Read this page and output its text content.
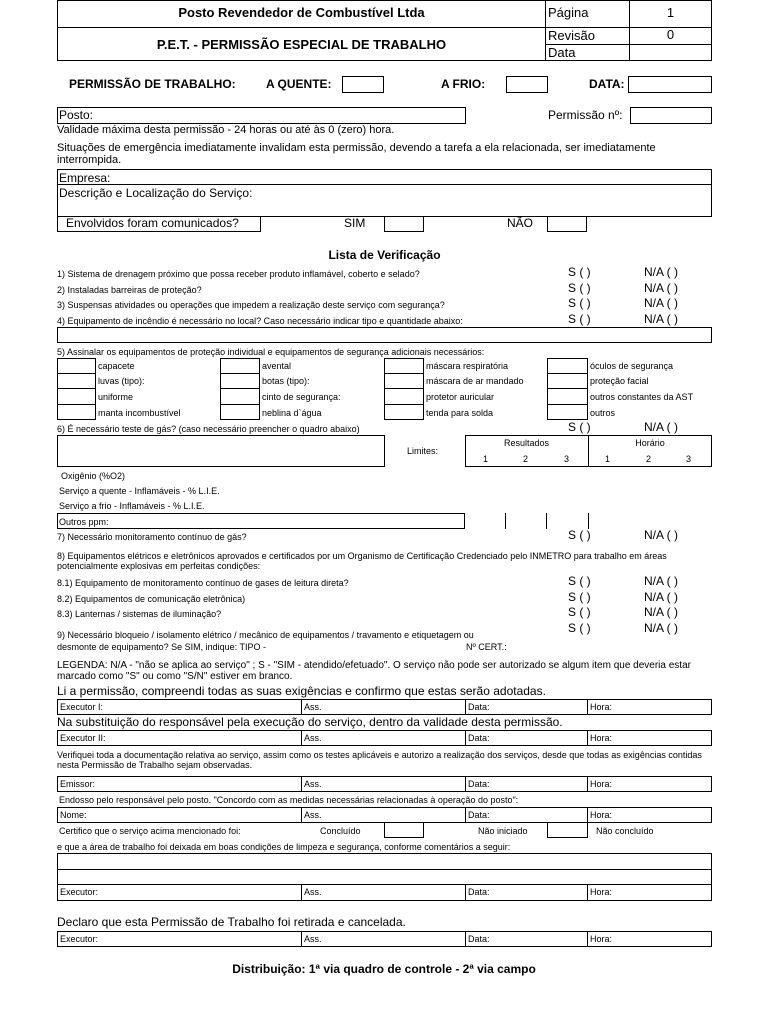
Posto Revendedor de Combustível Ltda
P.E.T. - PERMISSÃO ESPECIAL DE TRABALHO
Página	1
Revisão	0
Data
PERMISSÃO DE TRABALHO:	A QUENTE:	A FRIO:	DATA:
Posto:	Permissão nº:
Validade máxima desta permissão - 24 horas ou até às 0 (zero) hora.
Situações de emergência imediatamente invalidam esta permissão, devendo a tarefa a ela relacionada, ser imediatamente interrompida.
Empresa:
Descrição e Localização do Serviço:
Envolvidos foram comunicados?	SIM	NÃO
Lista de Verificação
1) Sistema de drenagem próximo que possa receber produto inflamável, coberto e selado?	S ( )	N/A ( )
2) Instaladas barreiras de proteção?	S ( )	N/A ( )
3) Suspensas atividades ou operações que impedem a realização deste serviço com segurança?	S ( )	N/A ( )
4) Equipamento de incêndio é necessário no local? Caso necessário indicar tipo e quantidade abaixo:	S ( )	N/A ( )
5) Assinalar os equipamentos de proteção individual e equipamentos de segurança adicionais necessários:
capacete	avental	máscara respiratória	óculos de segurança
luvas (tipo):	botas (tipo):	máscara de ar mandado	proteção facial
uniforme	cinto de segurança:	protetor auricular	outros constantes da AST
manta incombustível	neblina d`água	tenda para solda	outros
6) É necessário teste de gás? (caso necessário preencher o quadro abaixo)	S ( )	N/A ( )
Limites:
Resultados	Horário
1	2	3	1	2	3
Oxigênio (%O2)
Serviço a quente - Inflamáveis - % L.I.E.
Serviço a frio - Inflamáveis - % L.I.E.
Outros ppm:
7) Necessário monitoramento contínuo de gás?	S ( )	N/A ( )
8) Equipamentos elétricos e eletrônicos aprovados e certificados por um Organismo de Certificação Credenciado pelo INMETRO para trabalho em áreas potencialmente explosivas em perfeitas condições:
8.1) Equipamento de monitoramento contínuo de gases de leitura direta?	S ( )	N/A ( )
8.2) Equipamentos de comunicação eletrônica)	S ( )	N/A ( )
8.3) Lanternas / sistemas de iluminação?	S ( )	N/A ( )
9) Necessário bloqueio / isolamento elétrico / mecânico de equipamentos / travamento e etiquetagem ou	S ( )	N/A ( )
desmonte de equipamento? Se SIM, indique: TIPO -	Nº CERT.:
LEGENDA: N/A - "não se aplica ao serviço" ; S - "SIM - atendido/efetuado". O serviço não pode ser autorizado se algum item que deveria estar marcado como "S" ou como "S/N" estiver em branco.
Li a permissão, compreendi todas as suas exigências e confirmo que estas serão adotadas.
Executor I:	Ass.	Data:	Hora:
Na substituição do responsável pela execução do serviço, dentro da validade desta permissão.
Executor II:	Ass.	Data:	Hora:
Verifiquei toda a documentação relativa ao serviço, assim como os testes aplicáveis e autorizo a realização dos serviços, desde que todas as exigências contidas nesta Permissão de Trabalho sejam observadas.
Emissor:	Ass.	Data:	Hora:
Endosso pelo responsável pelo posto. "Concordo com as medidas necessárias relacionadas à operação do posto":
Nome:	Ass.	Data:	Hora:
Certifico que o serviço acima mencionado foi:	Concluído	Não iniciado	Não concluído
e que a área de trabalho foi deixada em boas condições de limpeza e segurança, conforme comentários a seguir:
Executor:	Ass.	Data:	Hora:
Declaro que esta Permissão de Trabalho foi retirada e cancelada.
Executor:	Ass.	Data:	Hora:
Distribuição: 1ª via quadro de controle - 2ª via campo
